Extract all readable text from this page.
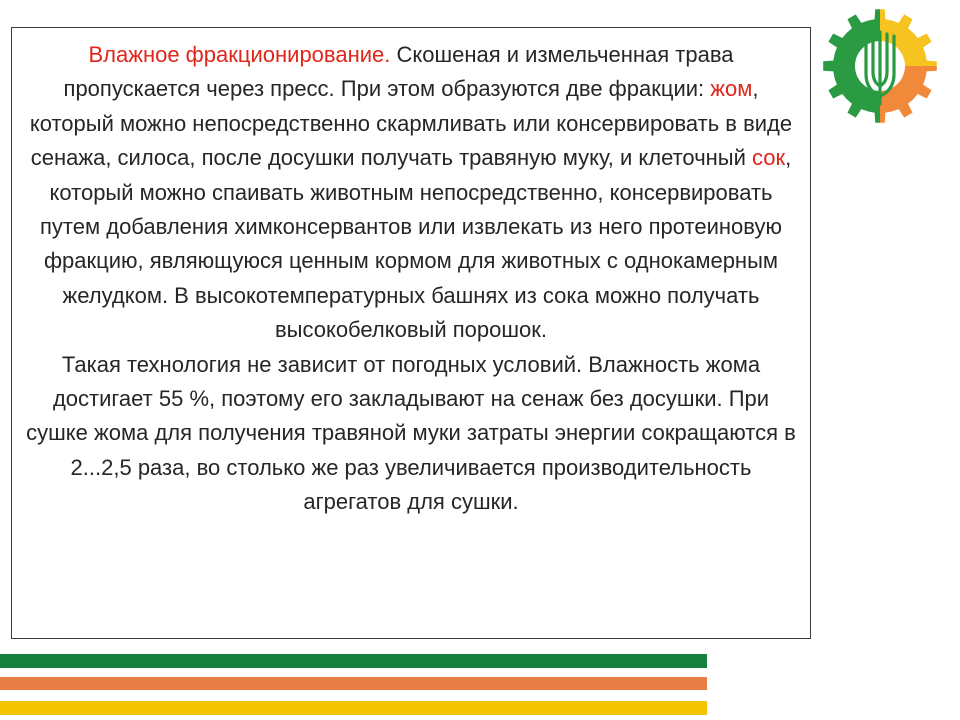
Влажное фракционирование. Скошеная и измельченная трава пропускается через пресс. При этом образуются две фракции: жом, который можно непосредственно скармливать или консервировать в виде сенажа, силоса, после досушки получать травяную муку, и клеточный сок, который можно спаивать животным непосредственно, консервировать путем добавления химконсервантов или извлекать из него протеиновую фракцию, являющуюся ценным кормом для животных с однокамерным желудком. В высокотемпературных башнях из сока можно получать высокобелковый порошок.

Такая технология не зависит от погодных условий. Влажность жома достигает 55 %, поэтому его закладывают на сенаж без досушки. При сушке жома для получения травяной муки затраты энергии сокращаются в 2...2,5 раза, во столько же раз увеличивается производительность агрегатов для сушки.
